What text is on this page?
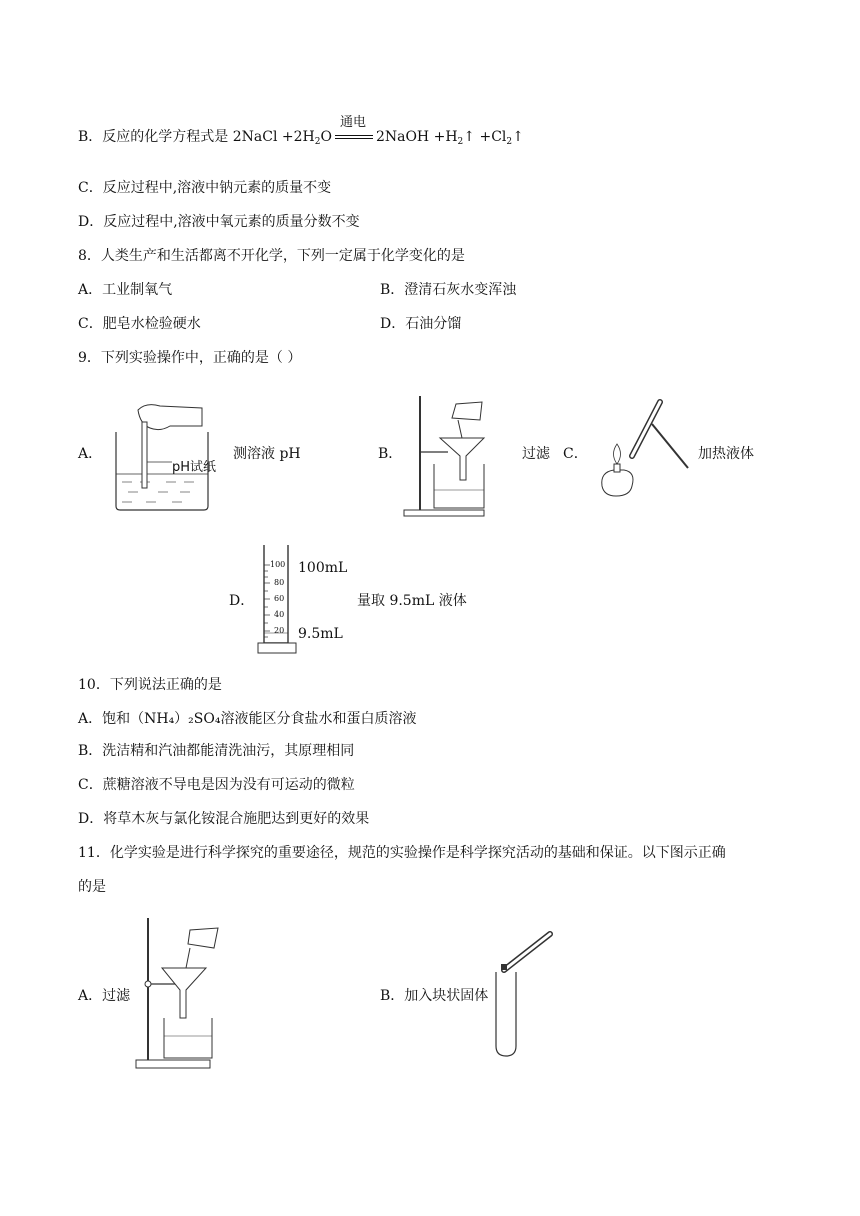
B．反应的化学方程式是 2NaCl $+2H_2O$
通电
2NaOH $+H_2↑$ $+Cl_2↑$
C．反应过程中,溶液中钠元素的质量不变
D．反应过程中,溶液中氧元素的质量分数不变
8．人类生产和生活都离不开化学，下列一定属于化学变化的是
A．工业制氧气	B．澄清石灰水变浑浊
C．肥皂水检验硬水	D．石油分馏
9．下列实验操作中，正确的是（ ）
A．
pH试纸
测溶液 pH	B．	过滤 C．	加热液体
D．
100
80
60
40
20
100mL
9.5mL
量取 9.5mL 液体
10．下列说法正确的是
A．饱和（NH₄）₂SO₄溶液能区分食盐水和蛋白质溶液
B．洗洁精和汽油都能清洗油污，其原理相同
C．蔗糖溶液不导电是因为没有可运动的微粒
D．将草木灰与氯化铵混合施肥达到更好的效果
11．化学实验是进行科学探究的重要途径，规范的实验操作是科学探究活动的基础和保证。以下图示正确
的是
A．过滤	B．加入块状固体
